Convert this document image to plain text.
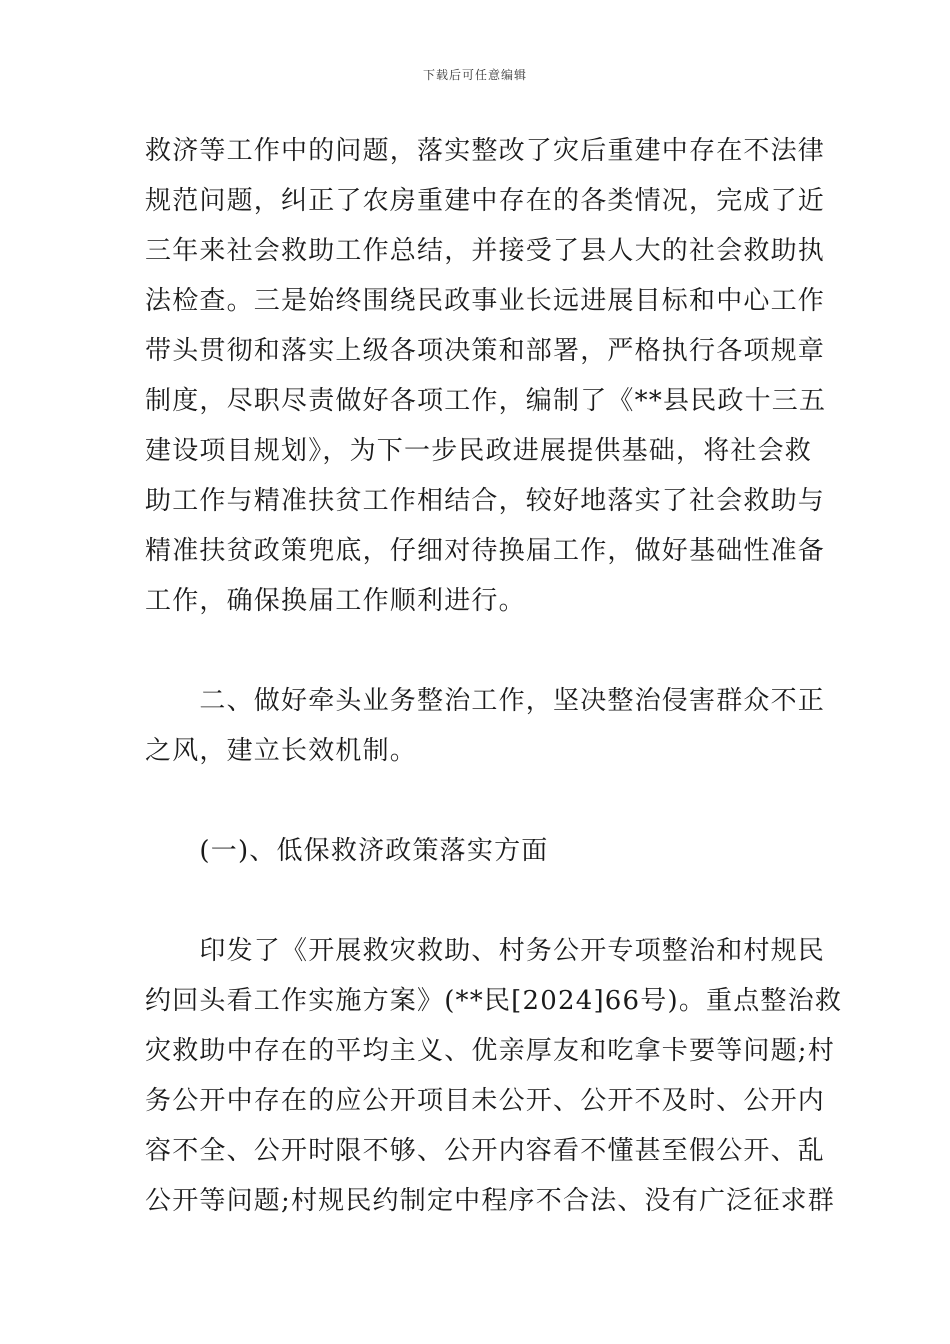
下载后可任意编辑

救济等工作中的问题，落实整改了灾后重建中存在不法律
规范问题，纠正了农房重建中存在的各类情况，完成了近
三年来社会救助工作总结，并接受了县人大的社会救助执
法检查。三是始终围绕民政事业长远进展目标和中心工作
带头贯彻和落实上级各项决策和部署，严格执行各项规章
制度，尽职尽责做好各项工作，编制了《**县民政十三五
建设项目规划》，为下一步民政进展提供基础，将社会救
助工作与精准扶贫工作相结合，较好地落实了社会救助与
精准扶贫政策兜底，仔细对待换届工作，做好基础性准备
工作，确保换届工作顺利进行。

　　二、做好牵头业务整治工作，坚决整治侵害群众不正
之风，建立长效机制。

　　(一)、低保救济政策落实方面

　　印发了《开展救灾救助、村务公开专项整治和村规民
约回头看工作实施方案》(**民[2024]66号)。重点整治救
灾救助中存在的平均主义、优亲厚友和吃拿卡要等问题;村
务公开中存在的应公开项目未公开、公开不及时、公开内
容不全、公开时限不够、公开内容看不懂甚至假公开、乱
公开等问题;村规民约制定中程序不合法、没有广泛征求群
